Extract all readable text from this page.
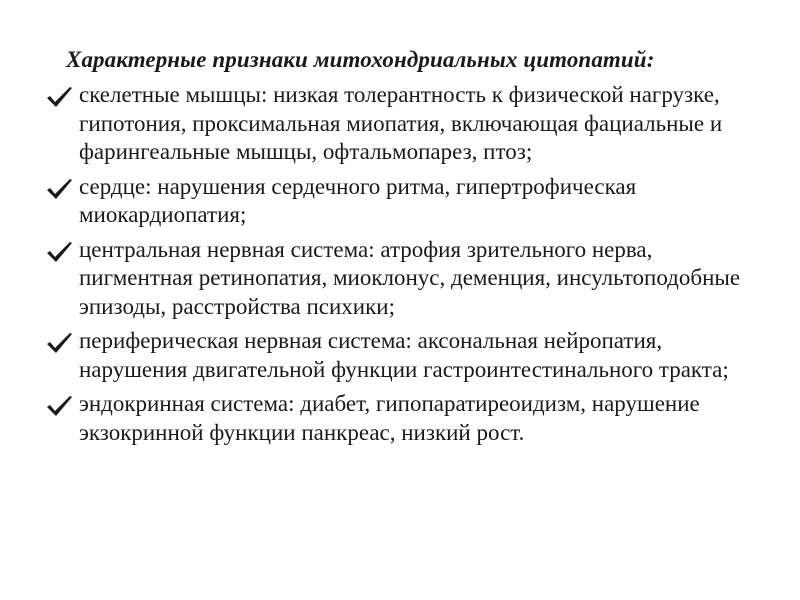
Характерные признаки митохондриальных цитопатий:
скелетные мышцы: низкая толерантность к физической нагрузке, гипотония, проксимальная миопатия, включающая фациальные и фарингеальные мышцы, офтальмопарез, птоз;
сердце: нарушения сердечного ритма, гипертрофическая миокардиопатия;
центральная нервная система: атрофия зрительного нерва, пигментная ретинопатия, миоклонус, деменция, инсультоподобные эпизоды, расстройства психики;
периферическая нервная система: аксональная нейропатия, нарушения двигательной функции гастроинтестинального тракта;
эндокринная система: диабет, гипопаратиреоидизм, нарушение экзокринной функции панкреас, низкий рост.
